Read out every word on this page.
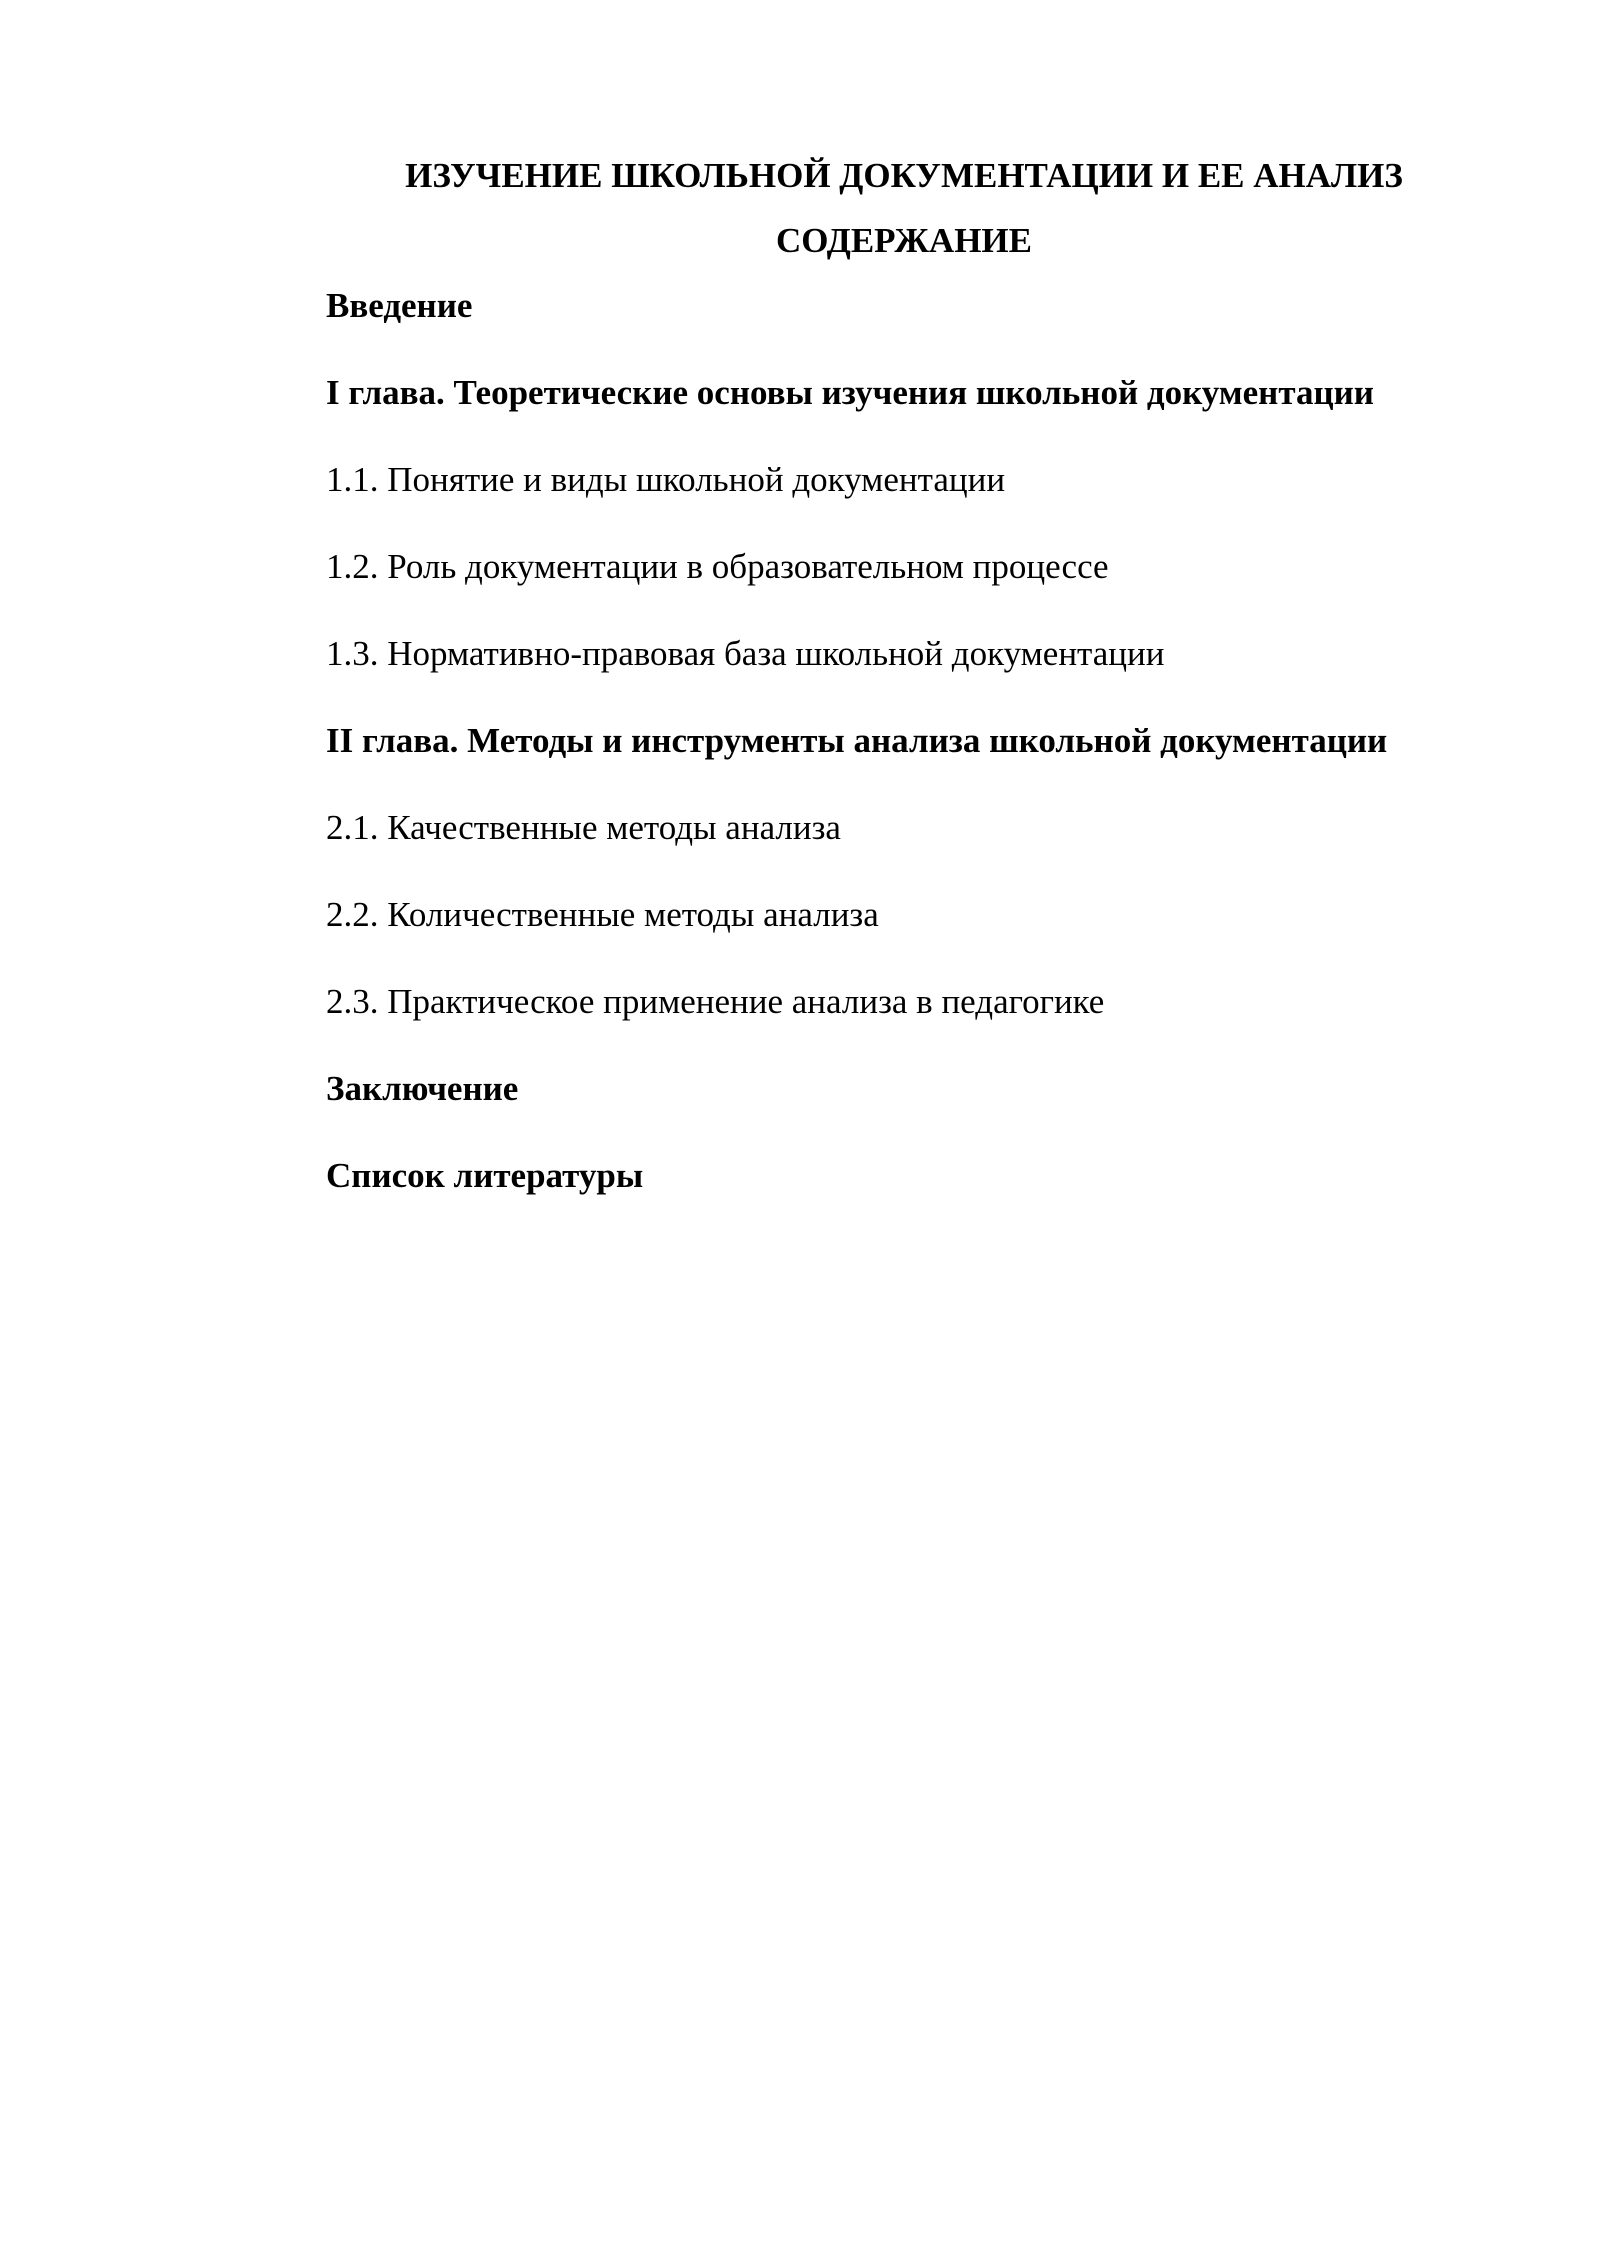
ИЗУЧЕНИЕ ШКОЛЬНОЙ ДОКУМЕНТАЦИИ И ЕЕ АНАЛИЗ
СОДЕРЖАНИЕ
Введение
I глава. Теоретические основы изучения школьной документации
1.1. Понятие и виды школьной документации
1.2. Роль документации в образовательном процессе
1.3. Нормативно-правовая база школьной документации
II глава. Методы и инструменты анализа школьной документации
2.1. Качественные методы анализа
2.2. Количественные методы анализа
2.3. Практическое применение анализа в педагогике
Заключение
Список литературы
